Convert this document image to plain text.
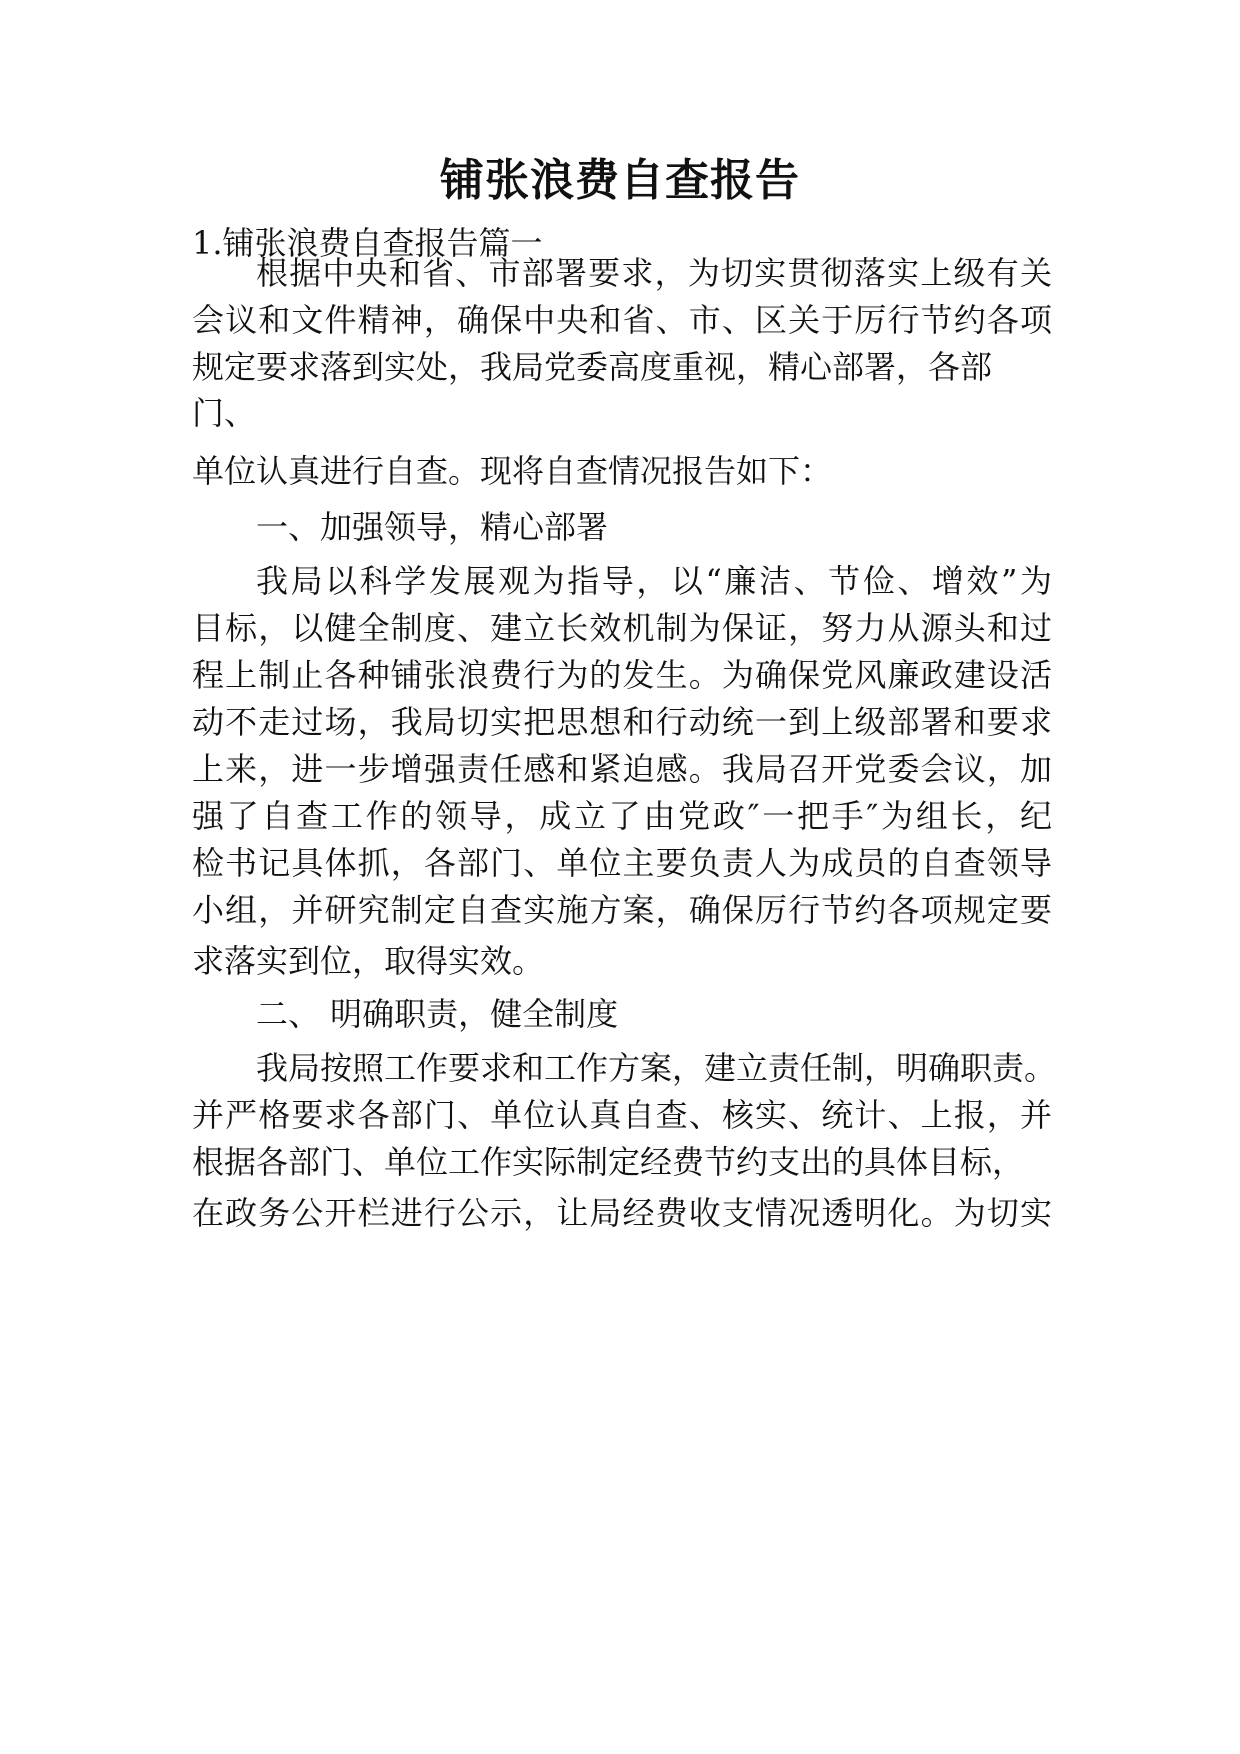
铺张浪费自查报告
1.铺张浪费自查报告篇一
根据中央和省、市部署要求，为切实贯彻落实上级有关
会议和文件精神，确保中央和省、市、区关于厉行节约各项
规定要求落到实处，我局党委高度重视，精心部署，各部
门、
单位认真进行自查。现将自查情况报告如下：
一、加强领导，精心部署
我局以科学发展观为指导，以“廉洁、节俭、增效”为
目标，以健全制度、建立长效机制为保证，努力从源头和过
程上制止各种铺张浪费行为的发生。为确保党风廉政建设活
动不走过场，我局切实把思想和行动统一到上级部署和要求
上来，进一步增强责任感和紧迫感。我局召开党委会议，加
强了自查工作的领导，成立了由党政″一把手″为组长，纪
检书记具体抓，各部门、单位主要负责人为成员的自查领导
小组，并研究制定自查实施方案，确保厉行节约各项规定要
求落实到位，取得实效。
二、 明确职责，健全制度
我局按照工作要求和工作方案，建立责任制，明确职责。
并严格要求各部门、单位认真自查、核实、统计、上报，并
根据各部门、单位工作实际制定经费节约支出的具体目标，
在政务公开栏进行公示，让局经费收支情况透明化。为切实
